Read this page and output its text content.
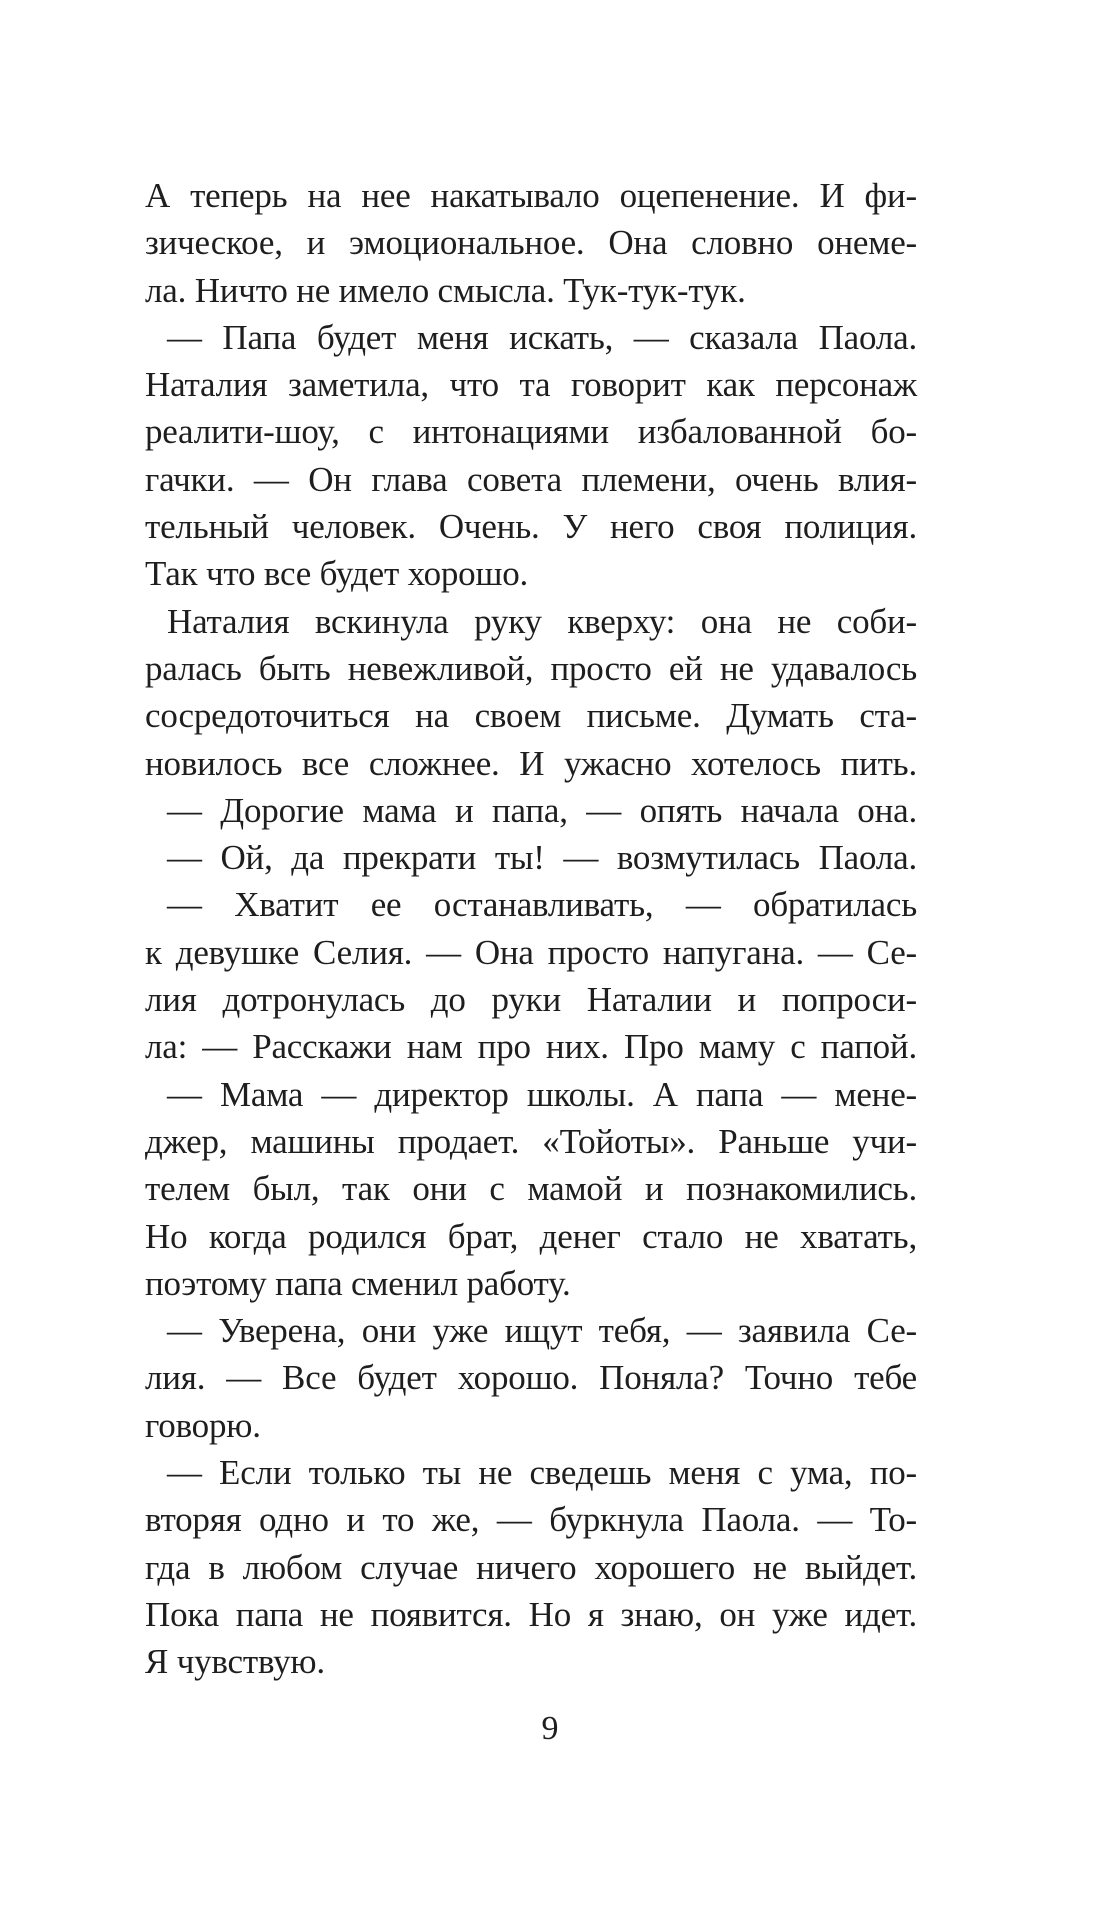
А теперь на нее накатывало оцепенение. И фи-
зическое, и эмоциональное. Она словно онеме-
ла. Ничто не имело смысла. Тук-тук-тук.
— Папа будет меня искать, — сказала Паола.
Наталия заметила, что та говорит как персонаж
реалити-шоу, с интонациями избалованной бо-
гачки. — Он глава совета племени, очень влия-
тельный человек. Очень. У него своя полиция.
Так что все будет хорошо.
Наталия вскинула руку кверху: она не соби-
ралась быть невежливой, просто ей не удавалось
сосредоточиться на своем письме. Думать ста-
новилось все сложнее. И ужасно хотелось пить.
— Дорогие мама и папа, — опять начала она.
— Ой, да прекрати ты! — возмутилась Паола.
— Хватит ее останавливать, — обратилась
к девушке Селия. — Она просто напугана. — Се-
лия дотронулась до руки Наталии и попроси-
ла: — Расскажи нам про них. Про маму с папой.
— Мама — директор школы. А папа — мене-
джер, машины продает. «Тойоты». Раньше учи-
телем был, так они с мамой и познакомились.
Но когда родился брат, денег стало не хватать,
поэтому папа сменил работу.
— Уверена, они уже ищут тебя, — заявила Се-
лия. — Все будет хорошо. Поняла? Точно тебе
говорю.
— Если только ты не сведешь меня с ума, по-
вторяя одно и то же, — буркнула Паола. — То-
гда в любом случае ничего хорошего не выйдет.
Пока папа не появится. Но я знаю, он уже идет.
Я чувствую.
9
